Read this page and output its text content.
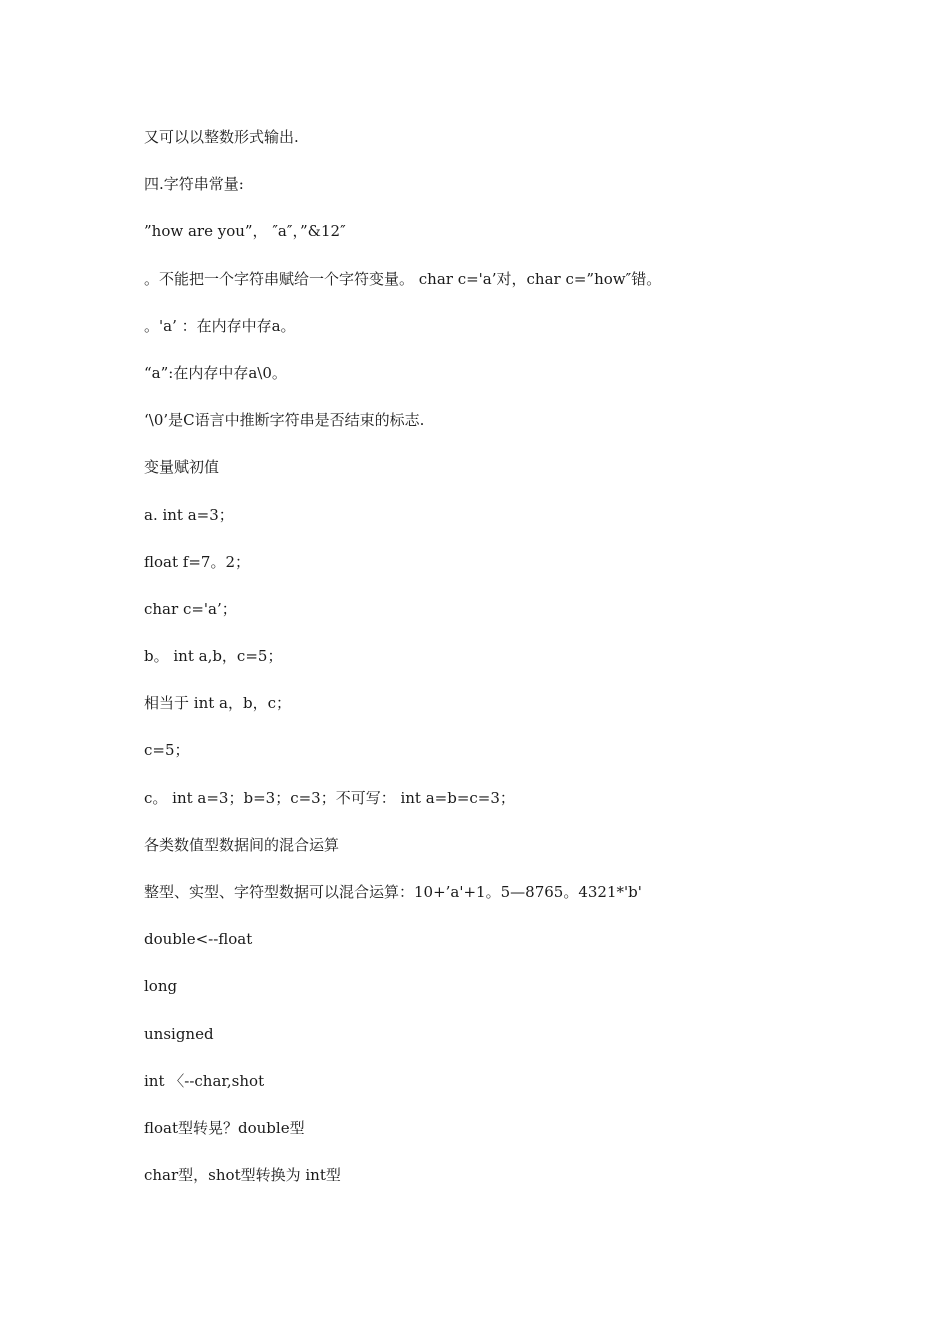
又可以以整数形式输出.
四.字符串常量:
”how are you”， ″a″，”&12″
。不能把一个字符串赋给一个字符变量。 char c='a’对，char c=”how″错。
。'a’ ：在内存中存a。
“a”:在内存中存a\0。
‘\0’是C语言中推断字符串是否结束的标志.
变量赋初值
a. int a=3；
float f=7。2；
char c='a’；
b。 int a,b，c=5；
相当于 int a，b，c；
c=5；
c。 int a=3；b=3；c=3；不可写： int a=b=c=3；
各类数值型数据间的混合运算
整型、实型、字符型数据可以混合运算：10+’a'+1。5—8765。4321*'b'
double<--float
long
unsigned
int 〈--char,shot
float型转晃？double型
char型，shot型转换为 int型
